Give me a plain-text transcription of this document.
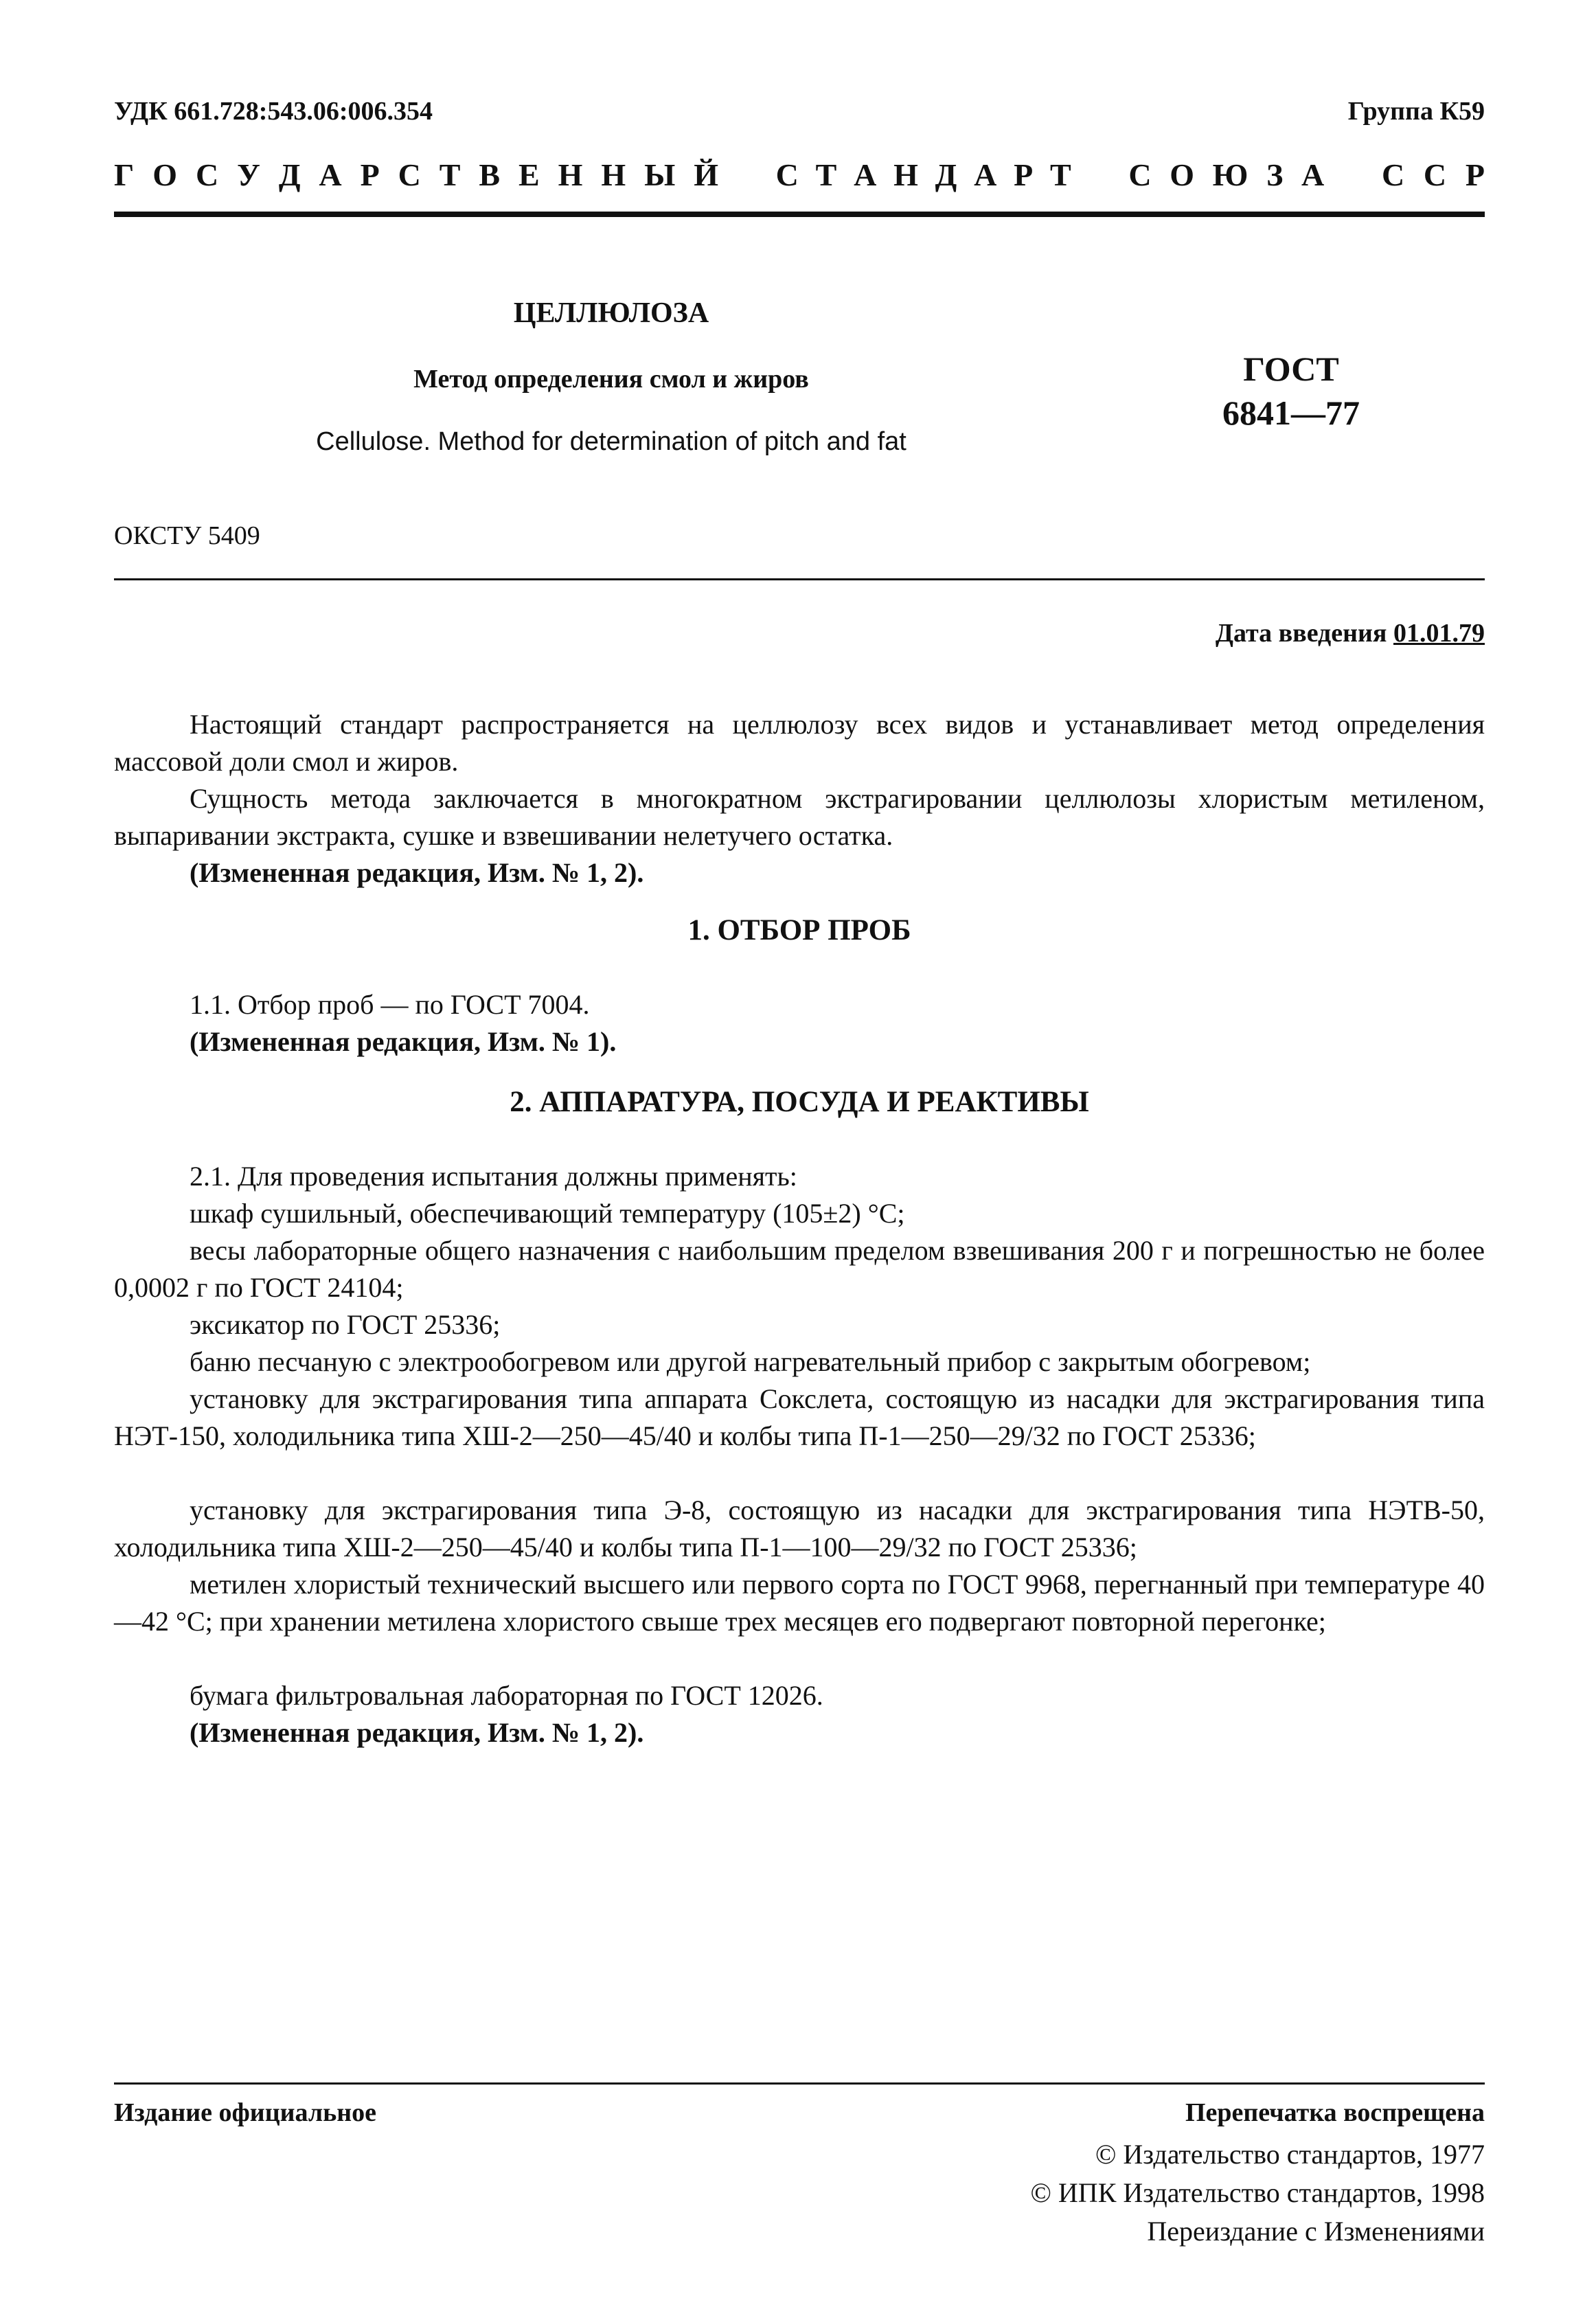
УДК 661.728:543.06:006.354	Группа К59
Г О С У Д А Р С Т В Е Н Н Ы Й С Т А Н Д А Р Т С О Ю З А С С Р
ЦЕЛЛЮЛОЗА
Метод определения смол и жиров
Cellulose. Method for determination of pitch and fat
ГОСТ
6841—77
ОКСТУ 5409
Дата введения 01.01.79
Настоящий стандарт распространяется на целлюлозу всех видов и устанавливает метод определения массовой доли смол и жиров.
Сущность метода заключается в многократном экстрагировании целлюлозы хлористым метиленом, выпаривании экстракта, сушке и взвешивании нелетучего остатка.
(Измененная редакция, Изм. № 1, 2).
1. ОТБОР ПРОБ
1.1. Отбор проб — по ГОСТ 7004.
(Измененная редакция, Изм. № 1).
2. АППАРАТУРА, ПОСУДА И РЕАКТИВЫ
2.1. Для проведения испытания должны применять:
шкаф сушильный, обеспечивающий температуру (105±2) °С;
весы лабораторные общего назначения с наибольшим пределом взвешивания 200 г и погрешностью не более 0,0002 г по ГОСТ 24104;
эксикатор по ГОСТ 25336;
баню песчаную с электрообогревом или другой нагревательный прибор с закрытым обогревом;
установку для экстрагирования типа аппарата Сокслета, состоящую из насадки для экстрагирования типа НЭТ-150, холодильника типа ХШ-2—250—45/40 и колбы типа П-1—250—29/32 по ГОСТ 25336;
установку для экстрагирования типа Э-8, состоящую из насадки для экстрагирования типа НЭТВ-50, холодильника типа ХШ-2—250—45/40 и колбы типа П-1—100—29/32 по ГОСТ 25336;
метилен хлористый технический высшего или первого сорта по ГОСТ 9968, перегнанный при температуре 40—42 °С; при хранении метилена хлористого свыше трех месяцев его подвергают повторной перегонке;
бумага фильтровальная лабораторная по ГОСТ 12026.
(Измененная редакция, Изм. № 1, 2).
Издание официальное	Перепечатка воспрещена
© Издательство стандартов, 1977
© ИПК Издательство стандартов, 1998
Переиздание с Изменениями
